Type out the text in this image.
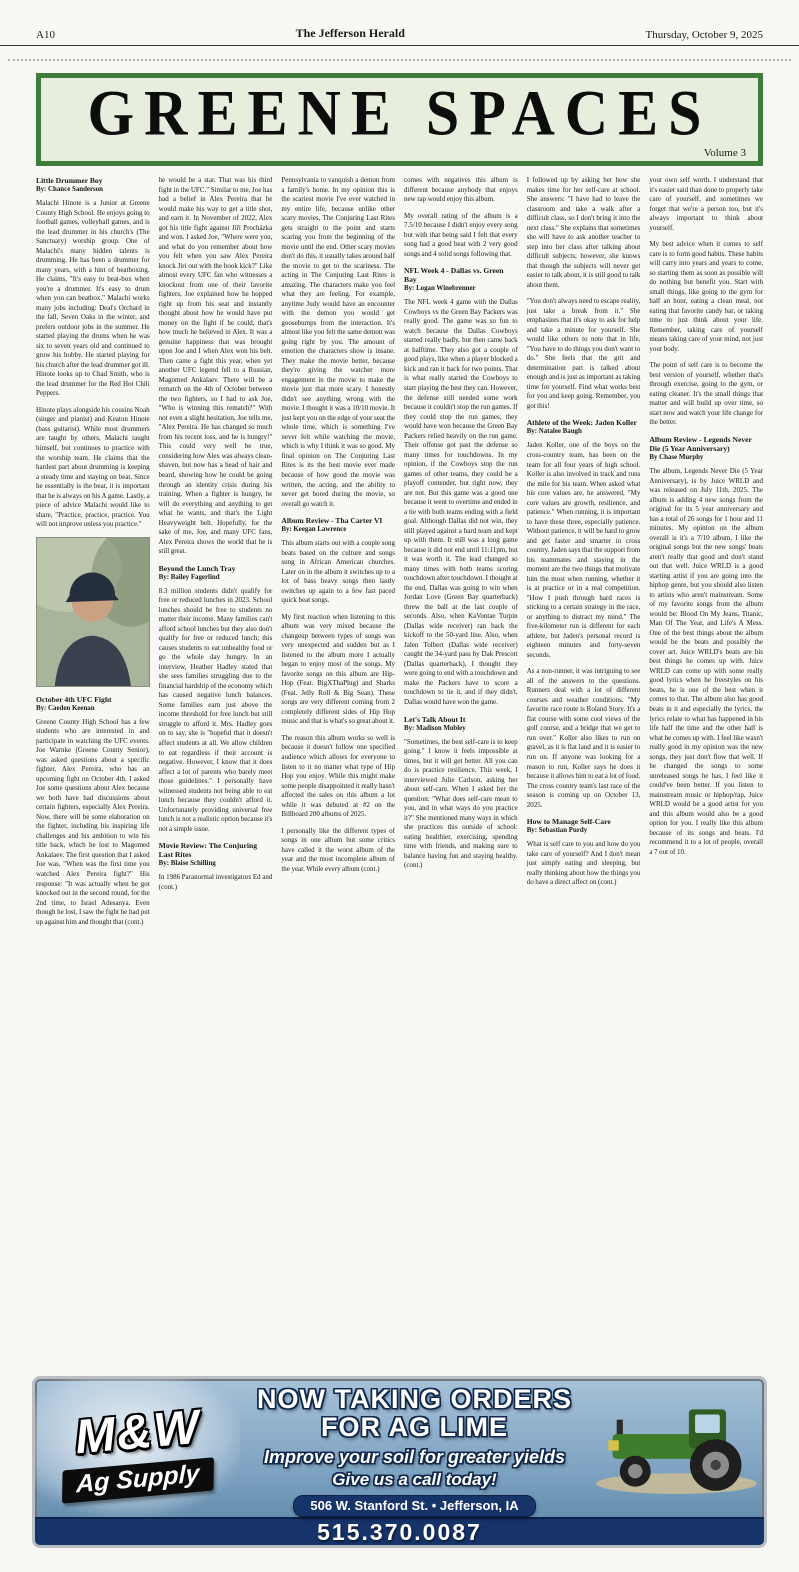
A10	The Jefferson Herald	Thursday, October 9, 2025
GREENE SPACES
Volume 3
Little Drummer Boy
By: Chance Sanderson

Malachi Hinote is a Junior at Greene County High School. He enjoys going to football games, volleyball games, and is the lead drummer in his church's (The Sanctuary) worship group. One of Malachi's many hidden talents is drumming. He has been a drummer for many years, with a hint of beatboxing. He claims, "It's easy to beat-box when you're a drummer. It's easy to drum when you can beatbox." Malachi works many jobs including: Deal's Orchard in the fall, Seven Oaks in the winter, and prefers outdoor jobs in the summer. He started playing the drums when he was six to seven years old and continued to grow his hobby. He started playing for his church after the lead drummer got ill. Hinote looks up to Chad Smith, who is the lead drummer for the Red Hot Chili Peppers.

Hinote plays alongside his cousins Noah (singer and pianist) and Keaton Hinote (bass guitarist). While most drummers are taught by others, Malachi taught himself, but continues to practice with the worship team. He claims that the hardest part about drumming is keeping a steady time and staying on beat. Since he essentially is the beat, it is important that he is always on his A game. Lastly, a piece of advice Malachi would like to share, "Practice, practice, practice. You will not improve unless you practice."

October 4th UFC Fight
By: Caeden Keenan

Greene County High School has a few students who are interested in and participate in watching the UFC events. Joe Warnke (Greene County Senior), was asked questions about a specific fighter, Alex Pereira, who has an upcoming fight on October 4th. I asked Joe some questions about Alex because we both have had discussions about certain fighters, especially Alex Pereira. Now, there will be some elaboration on the fighter, including his inspiring life challenges and his ambition to win his title back, which he lost to Magomed Ankalaev. The first question that I asked Joe was, "When was the first time you watched Alex Pereira fight?" His response: "It was actually when he got knocked out in the second round, for the 2nd time, to Israel Adesanya. Even though he lost, I saw the fight he had put up against him and thought that (cont.)

he would be a star. That was his third fight in the UFC." Similar to me, Joe has had a belief in Alex Pereira that he would make his way to get a title shot, and earn it. In November of 2022, Alex got his title fight against Jiří Procházka and won. I asked Joe, "Where were you, and what do you remember about how you felt when you saw Alex Pereira knock Jiri out with the hook kick?" Like almost every UFC fan who witnesses a knockout from one of their favorite fighters, Joe explained how he hopped right up from his seat and instantly thought about how he would have put money on the fight if he could, that's how much he believed in Alex. It was a genuine happiness that was brought upon Joe and I when Alex won his belt. Then came a fight this year, when yet another UFC legend fell to a Russian, Magomed Ankalaev. There will be a rematch on the 4th of October between the two fighters, so I had to ask Joe, "Who is winning this rematch?" With not even a slight hesitation, Joe tells me, "Alex Pereira. He has changed so much from his recent loss, and he is hungry!" This could very well be true, considering how Alex was always clean-shaven, but now has a head of hair and beard, showing how he could be going through an identity crisis during his training. When a fighter is hungry, he will do everything and anything to get what he wants, and that's the Light Heavyweight belt. Hopefully, for the sake of me, Joe, and many UFC fans, Alex Pereira shows the world that he is still great.

Beyond the Lunch Tray
By: Bailey Fagerlind

8.3 million students didn't qualify for free or reduced lunches in 2023. School lunches should be free to students no matter their income. Many families can't afford school lunches but they also don't qualify for free or reduced lunch; this causes students to eat unhealthy food or go the whole day hungry. In an interview, Heather Hadley stated that she sees families struggling due to the financial hardship of the economy which has caused negative lunch balances. Some families earn just above the income threshold for free lunch but still struggle to afford it. Mrs. Hadley goes on to say, she is "hopeful that it doesn't affect students at all. We allow children to eat regardless if their account is negative. However, I know that it does affect a lot of parents who barely meet those guidelines." I personally have witnessed students not being able to eat lunch because they couldn't afford it. Unfortunately providing universal free lunch is not a realistic option because it's not a simple issue.

Movie Review: The Conjuring Last Rites
By: Blaise Schilling

In 1986 Paranormal investigators Ed and (cont.)

Pennsylvania to vanquish a demon from a family's home. In my opinion this is the scariest movie I've ever watched in my entire life, because unlike other scary movies, The Conjuring Last Rites gets straight to the point and starts scaring you from the beginning of the movie until the end. Other scary movies don't do this, it usually takes around half the movie to get to the scariness. The acting in The Conjuring Last Rites is amazing. The characters make you feel what they are feeling. For example, anytime Judy would have an encounter with the demon you would get goosebumps from the interaction. It's almost like you felt the same demon was going right by you. The amount of emotion the characters show is insane. They make the movie better, because they're giving the watcher more engagement in the movie to make the movie just that more scary. I honestly didn't see anything wrong with the movie. I thought it was a 10/10 movie. It just kept you on the edge of your seat the whole time, which is something I've never felt while watching the movie, which is why I think it was so good. My final opinion on The Conjuring Last Rites is its the best movie ever made because of how good the movie was written, the acting, and the ability to never get bored during the movie, so overall go watch it.

Album Review - Tha Carter VI
By: Keegan Lawrence

This album starts out with a couple song beats based on the culture and songs sung in African American churches. Later on in the album it switches up to a lot of bass heavy songs then lastly switches up again to a few fast paced quick beat songs.

My first reaction when listening to this album was very mixed because the changeup between types of songs was very unexpected and sudden but as I listened to the album more I actually began to enjoy most of the songs. My favorite songs on this album are Hip-Hop (Feat. BigXThaPlug) and Sharks (Feat. Jelly Roll & Big Sean). These songs are very different coming from 2 completely different sides of Hip Hop music and that is what's so great about it.

The reason this album works so well is because it doesn't follow one specified audience which allows for everyone to listen to it no matter what type of Hip Hop you enjoy. While this might make some people disappointed it really hasn't affected the sales on this album a lot while it was debuted at #2 on the Billboard 200 albums of 2025.

I personally like the different types of songs in one album but some critics have called it the worst album of the year and the most incomplete album of the year. While every album (cont.)

comes with negatives this album is different because anybody that enjoys new rap would enjoy this album.

My overall rating of the album is a 7.5/10 because I didn't enjoy every song but with that being said I felt that every song had a good beat with 2 very good songs and 4 solid songs following that.

NFL Week 4 - Dallas vs. Green Bay
By: Logan Winebrenner

The NFL week 4 game with the Dallas Cowboys vs the Green Bay Packers was really good. The game was so fun to watch because the Dallas Cowboys started really badly, but then came back at halftime. They also got a couple of good plays, like when a player blocked a kick and ran it back for two points. That is what really started the Cowboys to start playing the best they can. However, the defense still needed some work because it couldn't stop the run games. If they could stop the run games, they would have won because the Green Bay Packers relied heavily on the run game. Their offense got past the defense so many times for touchdowns. In my opinion, if the Cowboys stop the run games of other teams, they could be a playoff contender, but right now, they are not. But this game was a good one because it went to overtime and ended in a tie with both teams ending with a field goal. Although Dallas did not win, they still played against a hard team and kept up with them. It still was a long game because it did not end until 11:11pm, but it was worth it. The lead changed so many times with both teams scoring touchdown after touchdown. I thought at the end, Dallas was going to win when Jordan Love (Green Bay quarterback) threw the ball at the last couple of seconds. Also, when KaVontae Turpin (Dallas wide receiver) ran back the kickoff to the 50-yard line. Also, when Jalen Tolbert (Dallas wide receiver) caught the 34-yard pass by Dak Prescott (Dallas quarterback), I thought they were going to end with a touchdown and make the Packers have to score a touchdown to tie it, and if they didn't, Dallas would have won the game.

Let's Talk About It
By: Madison Mobley

"Sometimes, the best self-care is to keep going." I know it feels impossible at times, but it will get better. All you can do is practice resilience. This week, I interviewed Julie Carlson, asking her about self-care. When I asked her the question: "What does self-care mean to you, and in what ways do you practice it?" She mentioned many ways in which she practices this outside of school: eating healthier, exercising, spending time with friends, and making sure to balance having fun and staying healthy. (cont.)

I followed up by asking her how she makes time for her self-care at school. She answers: "I have had to leave the classroom and take a walk after a difficult class, so I don't bring it into the next class." She explains that sometimes she will have to ask another teacher to step into her class after talking about difficult subjects; however, she knows that though the subjects will never get easier to talk about, it is still good to talk about them.

"You don't always need to escape reality, just take a break from it." She emphasizes that it's okay to ask for help and take a minute for yourself. She would like others to note that in life, "You have to do things you don't want to do." She feels that the grit and determination part is talked about enough and is just as important as taking time for yourself. Find what works best for you and keep going. Remember, you got this!

Athlete of the Week: Jaden Koller
By: Natalee Baugh

Jaden Koller, one of the boys on the cross-country team, has been on the team for all four years of high school. Koller is also involved in track and runs the mile for his team. When asked what his core values are, he answered, "My core values are growth, resilience, and patience." When running, it is important to have these three, especially patience. Without patience, it will be hard to grow and get faster and smarter in cross country. Jaden says that the support from his teammates and staying in the moment are the two things that motivate him the most when running, whether it is at practice or in a real competition. "How I push through hard races is sticking to a certain strategy in the race, or anything to distract my mind." The five-kilometer run is different for each athlete, but Jaden's personal record is eighteen minutes and forty-seven seconds.

As a non-runner, it was intriguing to see all of the answers to the questions. Runners deal with a lot of different courses and weather conditions. "My favorite race route is Roland Story. It's a flat course with some cool views of the golf course, and a bridge that we get to run over." Koller also likes to run on gravel, as it is flat land and it is easier to run on. If anyone was looking for a reason to run, Koller says he does it because it allows him to eat a lot of food. The cross country team's last race of the season is coming up on October 13, 2025.

How to Manage Self-Care
By: Sebastian Purdy

What is self care to you and how do you take care of yourself? And I don't mean just simply eating and sleeping, but really thinking about how the things you do have a direct affect on (cont.)

your own self worth. I understand that it's easier said than done to properly take care of yourself, and sometimes we forget that we're a person too, but it's always important to think about yourself.

My best advice when it comes to self care is to form good habits. These habits will carry into years and years to come, so starting them as soon as possible will do nothing but benefit you. Start with small things, like going to the gym for half an hour, eating a clean meal, not eating that favorite candy bar, or taking time to just think about your life. Remember, taking care of yourself means taking care of your mind, not just your body.

The point of self care is to become the best version of yourself, whether that's through exercise, going to the gym, or eating cleaner. It's the small things that matter and will build up over time, so start now and watch your life change for the better.

Album Review - Legends Never Die (5 Year Anniversary)
By Chase Murphy

The album, Legends Never Die (5 Year Anniversary), is by Juice WRLD and was released on July 11th, 2025. The album is adding 4 new songs from the original for its 5 year anniversary and has a total of 26 songs for 1 hour and 11 minutes. My opinion on the album overall is it's a 7/10 album, I like the original songs but the new songs' beats aren't really that good and don't stand out that well. Juice WRLD is a good starting artist if you are going into the hiphop genre, but you should also listen to artists who aren't mainstream. Some of my favorite songs from the album would be: Blood On My Jeans, Titanic, Man Of The Year, and Life's A Mess. One of the best things about the album would be the beats and possibly the cover art. Juice WRLD's beats are his best things he comes up with. Juice WRLD can come up with some really good lyrics when he freestyles on his beats, he is one of the best when it comes to that. The album also has good beats in it and especially the lyrics, the lyrics relate to what has happened in his life half the time and the other half is what he comes up with. I feel like wasn't really good in my opinion was the new songs, they just don't flow that well. If he changed the songs to some unreleased songs he has, I feel like it could've been better. If you listen to mainstream music or hiphop/rap, Juice WRLD would be a good artist for you and this album would also be a good option for you. I really like this album because of its songs and beats. I'd recommend it to a lot of people, overall a 7 out of 10.

M&W
Ag Supply
NOW TAKING ORDERS
FOR AG LIME
Improve your soil for greater yields
Give us a call today!
506 W. Stanford St. • Jefferson, IA
515.370.0087
